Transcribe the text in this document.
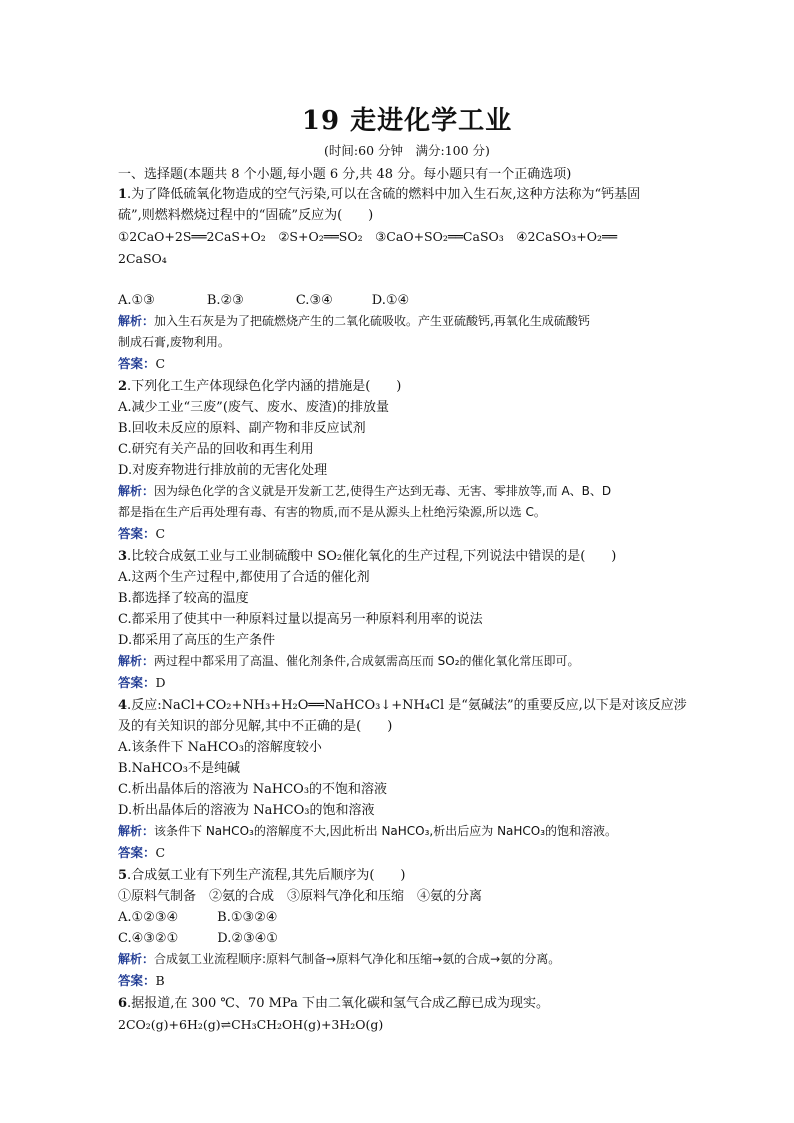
19 走进化学工业

(时间:60 分钟　满分:100 分)

一、选择题(本题共 8 个小题,每小题 6 分,共 48 分。每小题只有一个正确选项)

1.为了降低硫氧化物造成的空气污染,可以在含硫的燃料中加入生石灰,这种方法称为“钙基固

硫”,则燃料燃烧过程中的“固硫”反应为(　　)

①2CaO+2S══2CaS+O₂　②S+O₂══SO₂　③CaO+SO₂══CaSO₃　④2CaSO₃+O₂══

2CaSO₄

A.①③　　　　B.②③　　　　C.③④　　　D.①④

解析：加入生石灰是为了把硫燃烧产生的二氧化硫吸收。产生亚硫酸钙,再氧化生成硫酸钙

制成石膏,废物利用。

答案：C

2.下列化工生产体现绿色化学内涵的措施是(　　)

A.减少工业“三废”(废气、废水、废渣)的排放量

B.回收未反应的原料、副产物和非反应试剂

C.研究有关产品的回收和再生利用

D.对废弃物进行排放前的无害化处理

解析：因为绿色化学的含义就是开发新工艺,使得生产达到无毒、无害、零排放等,而 A、B、D

都是指在生产后再处理有毒、有害的物质,而不是从源头上杜绝污染源,所以选 C。

答案：C

3.比较合成氨工业与工业制硫酸中 SO₂催化氧化的生产过程,下列说法中错误的是(　　)

A.这两个生产过程中,都使用了合适的催化剂

B.都选择了较高的温度

C.都采用了使其中一种原料过量以提高另一种原料利用率的说法

D.都采用了高压的生产条件

解析：两过程中都采用了高温、催化剂条件,合成氨需高压而 SO₂的催化氧化常压即可。

答案：D

4.反应:NaCl+CO₂+NH₃+H₂O══NaHCO₃↓+NH₄Cl 是“氨碱法”的重要反应,以下是对该反应涉

及的有关知识的部分见解,其中不正确的是(　　)

A.该条件下 NaHCO₃的溶解度较小

B.NaHCO₃不是纯碱

C.析出晶体后的溶液为 NaHCO₃的不饱和溶液

D.析出晶体后的溶液为 NaHCO₃的饱和溶液

解析：该条件下 NaHCO₃的溶解度不大,因此析出 NaHCO₃,析出后应为 NaHCO₃的饱和溶液。

答案：C

5.合成氨工业有下列生产流程,其先后顺序为(　　)

①原料气制备　②氨的合成　③原料气净化和压缩　④氨的分离

A.①②③④　　　B.①③②④

C.④③②①　　　D.②③④①

解析：合成氨工业流程顺序:原料气制备→原料气净化和压缩→氨的合成→氨的分离。

答案：B

6.据报道,在 300 ℃、70 MPa 下由二氧化碳和氢气合成乙醇已成为现实。

2CO₂(g)+6H₂(g)⇌CH₃CH₂OH(g)+3H₂O(g)
